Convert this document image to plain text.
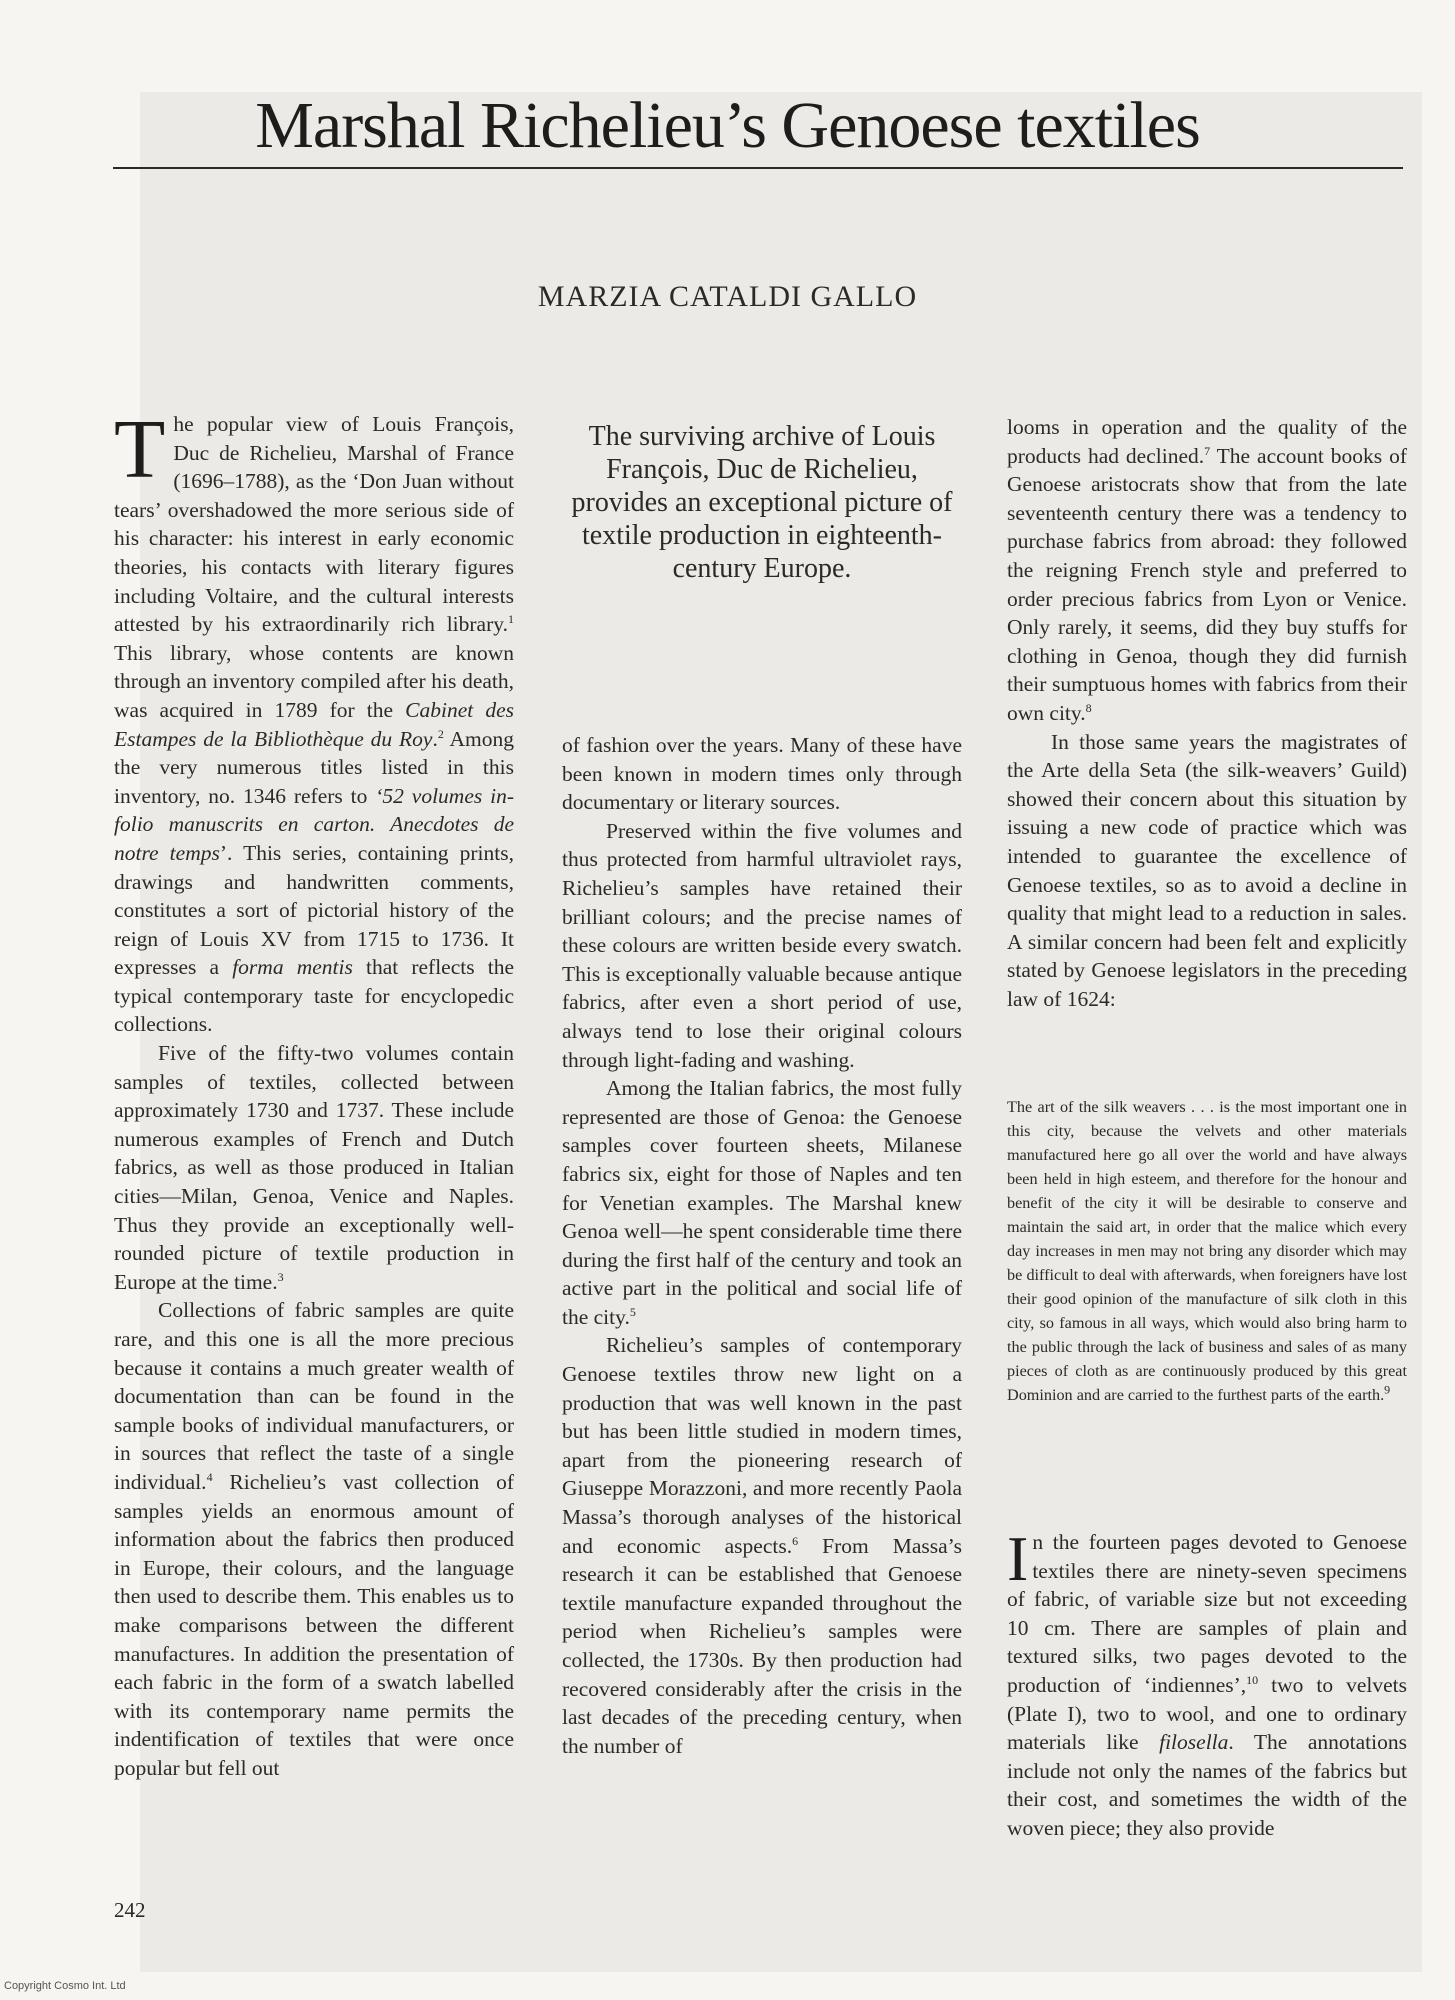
Marshal Richelieu’s Genoese textiles
MARZIA CATALDI GALLO

The popular view of Louis François, Duc de Richelieu, Marshal of France (1696–1788), as the ‘Don Juan without tears’ overshadowed the more serious side of his character: his interest in early economic theories, his contacts with literary figures including Voltaire, and the cultural interests attested by his extraordinarily rich library.$^1$ This library, whose contents are known through an inventory compiled after his death, was acquired in 1789 for the Cabinet des Estampes de la Bibliothèque du Roy.$^2$ Among the very numerous titles listed in this inventory, no. 1346 refers to ‘52 volumes in-folio manuscrits en carton. Anecdotes de notre temps’. This series, containing prints, drawings and handwritten comments, constitutes a sort of pictorial history of the reign of Louis XV from 1715 to 1736. It expresses a forma mentis that reflects the typical contemporary taste for encyclopedic collections.

Five of the fifty-two volumes contain samples of textiles, collected between approximately 1730 and 1737. These include numerous examples of French and Dutch fabrics, as well as those produced in Italian cities—Milan, Genoa, Venice and Naples. Thus they provide an exceptionally well-rounded picture of textile production in Europe at the time.$^3$

Collections of fabric samples are quite rare, and this one is all the more precious because it contains a much greater wealth of documentation than can be found in the sample books of individual manufacturers, or in sources that reflect the taste of a single individual.$^4$ Richelieu’s vast collection of samples yields an enormous amount of information about the fabrics then produced in Europe, their colours, and the language then used to describe them. This enables us to make comparisons between the different manufactures. In addition the presentation of each fabric in the form of a swatch labelled with its contemporary name permits the indentification of textiles that were once popular but fell out

The surviving archive of Louis François, Duc de Richelieu, provides an exceptional picture of textile production in eighteenth-century Europe.

of fashion over the years. Many of these have been known in modern times only through documentary or literary sources.

Preserved within the five volumes and thus protected from harmful ultraviolet rays, Richelieu’s samples have retained their brilliant colours; and the precise names of these colours are written beside every swatch. This is exceptionally valuable because antique fabrics, after even a short period of use, always tend to lose their original colours through light-fading and washing.

Among the Italian fabrics, the most fully represented are those of Genoa: the Genoese samples cover fourteen sheets, Milanese fabrics six, eight for those of Naples and ten for Venetian examples. The Marshal knew Genoa well—he spent considerable time there during the first half of the century and took an active part in the political and social life of the city.$^5$

Richelieu’s samples of contemporary Genoese textiles throw new light on a production that was well known in the past but has been little studied in modern times, apart from the pioneering research of Giuseppe Morazzoni, and more recently Paola Massa’s thorough analyses of the historical and economic aspects.$^6$ From Massa’s research it can be established that Genoese textile manufacture expanded throughout the period when Richelieu’s samples were collected, the 1730s. By then production had recovered considerably after the crisis in the last decades of the preceding century, when the number of

looms in operation and the quality of the products had declined.$^7$ The account books of Genoese aristocrats show that from the late seventeenth century there was a tendency to purchase fabrics from abroad: they followed the reigning French style and preferred to order precious fabrics from Lyon or Venice. Only rarely, it seems, did they buy stuffs for clothing in Genoa, though they did furnish their sumptuous homes with fabrics from their own city.$^8$

In those same years the magistrates of the Arte della Seta (the silk-weavers’ Guild) showed their concern about this situation by issuing a new code of practice which was intended to guarantee the excellence of Genoese textiles, so as to avoid a decline in quality that might lead to a reduction in sales. A similar concern had been felt and explicitly stated by Genoese legislators in the preceding law of 1624:

The art of the silk weavers . . . is the most important one in this city, because the velvets and other materials manufactured here go all over the world and have always been held in high esteem, and therefore for the honour and benefit of the city it will be desirable to conserve and maintain the said art, in order that the malice which every day increases in men may not bring any disorder which may be difficult to deal with afterwards, when foreigners have lost their good opinion of the manufacture of silk cloth in this city, so famous in all ways, which would also bring harm to the public through the lack of business and sales of as many pieces of cloth as are continuously produced by this great Dominion and are carried to the furthest parts of the earth.$^9$

In the fourteen pages devoted to Genoese textiles there are ninety-seven specimens of fabric, of variable size but not exceeding 10 cm. There are samples of plain and textured silks, two pages devoted to the production of ‘indiennes’,$^{10}$ two to velvets (Plate I), two to wool, and one to ordinary materials like filosella. The annotations include not only the names of the fabrics but their cost, and sometimes the width of the woven piece; they also provide

242
Copyright Cosmo Int. Ltd
